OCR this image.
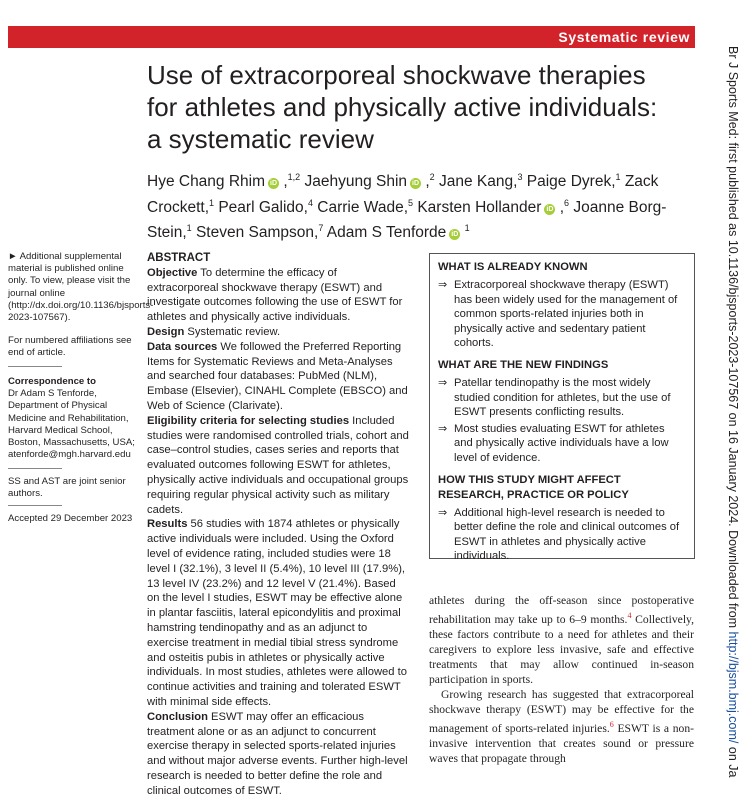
Systematic review
Use of extracorporeal shockwave therapies for athletes and physically active individuals: a systematic review
Hye Chang Rhim iD ,$^{1,2}$ Jaehyung Shin iD ,$^2$ Jane Kang,$^3$ Paige Dyrek,$^1$ Zack Crockett,$^1$ Pearl Galido,$^4$ Carrie Wade,$^5$ Karsten Hollander iD ,$^6$ Joanne Borg-Stein,$^1$ Steven Sampson,$^7$ Adam S Tenforde iD $^1$
► Additional supplemental material is published online only. To view, please visit the journal online (http://dx.doi.org/10.1136/bjsports-2023-107567).
For numbered affiliations see end of article.
Correspondence to
Dr Adam S Tenforde, Department of Physical Medicine and Rehabilitation, Harvard Medical School, Boston, Massachusetts, USA; atenforde@mgh.harvard.edu
SS and AST are joint senior authors.
Accepted 29 December 2023
ABSTRACT

Objective To determine the efficacy of extracorporeal shockwave therapy (ESWT) and investigate outcomes following the use of ESWT for athletes and physically active individuals.

Design Systematic review.

Data sources We followed the Preferred Reporting Items for Systematic Reviews and Meta-Analyses and searched four databases: PubMed (NLM), Embase (Elsevier), CINAHL Complete (EBSCO) and Web of Science (Clarivate).

Eligibility criteria for selecting studies Included studies were randomised controlled trials, cohort and case–control studies, cases series and reports that evaluated outcomes following ESWT for athletes, physically active individuals and occupational groups requiring regular physical activity such as military cadets.

Results 56 studies with 1874 athletes or physically active individuals were included. Using the Oxford level of evidence rating, included studies were 18 level I (32.1%), 3 level II (5.4%), 10 level III (17.9%), 13 level IV (23.2%) and 12 level V (21.4%). Based on the level I studies, ESWT may be effective alone in plantar fasciitis, lateral epicondylitis and proximal hamstring tendinopathy and as an adjunct to exercise treatment in medial tibial stress syndrome and osteitis pubis in athletes or physically active individuals. In most studies, athletes were allowed to continue activities and training and tolerated ESWT with minimal side effects.

Conclusion ESWT may offer an efficacious treatment alone or as an adjunct to concurrent exercise therapy in selected sports-related injuries and without major adverse events. Further high-level research is needed to better define the role and clinical outcomes of ESWT.

WHAT IS ALREADY KNOWN
⇒ Extracorporeal shockwave therapy (ESWT) has been widely used for the management of common sports-related injuries both in physically active and sedentary patient cohorts.
WHAT ARE THE NEW FINDINGS
⇒ Patellar tendinopathy is the most widely studied condition for athletes, but the use of ESWT presents conflicting results.
⇒ Most studies evaluating ESWT for athletes and physically active individuals have a low level of evidence.
HOW THIS STUDY MIGHT AFFECT RESEARCH, PRACTICE OR POLICY
⇒ Additional high-level research is needed to better define the role and clinical outcomes of ESWT in athletes and physically active individuals.

athletes during the off-season since postoperative rehabilitation may take up to 6–9 months.$^4$ Collectively, these factors contribute to a need for athletes and their caregivers to explore less invasive, safe and effective treatments that may allow continued in-season participation in sports.

Growing research has suggested that extracorporeal shockwave therapy (ESWT) may be effective for the management of sports-related injuries.$^6$ ESWT is a non-invasive intervention that creates sound or pressure waves that propagate through

Br J Sports Med: first published as 10.1136/bjsports-2023-107567 on 16 January 2024. Downloaded from http://bjsm.bmj.com/ on Ja
